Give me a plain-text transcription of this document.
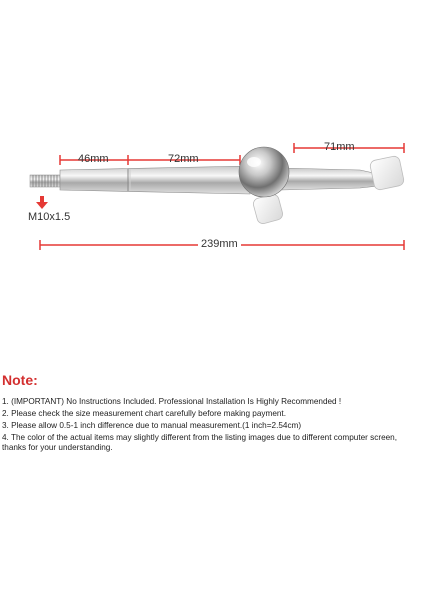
46mm	72mm
71mm
239mm
M10x1.5

Note:

1. (IMPORTANT) No Instructions Included. Professional Installation Is Highly Recommended !
2. Please check the size measurement chart carefully before making payment.
3. Please allow 0.5-1 inch difference due to manual measurement.(1 inch=2.54cm)
4. The color of the actual items may slightly different from the listing images due to different computer screen, thanks for your understanding.
